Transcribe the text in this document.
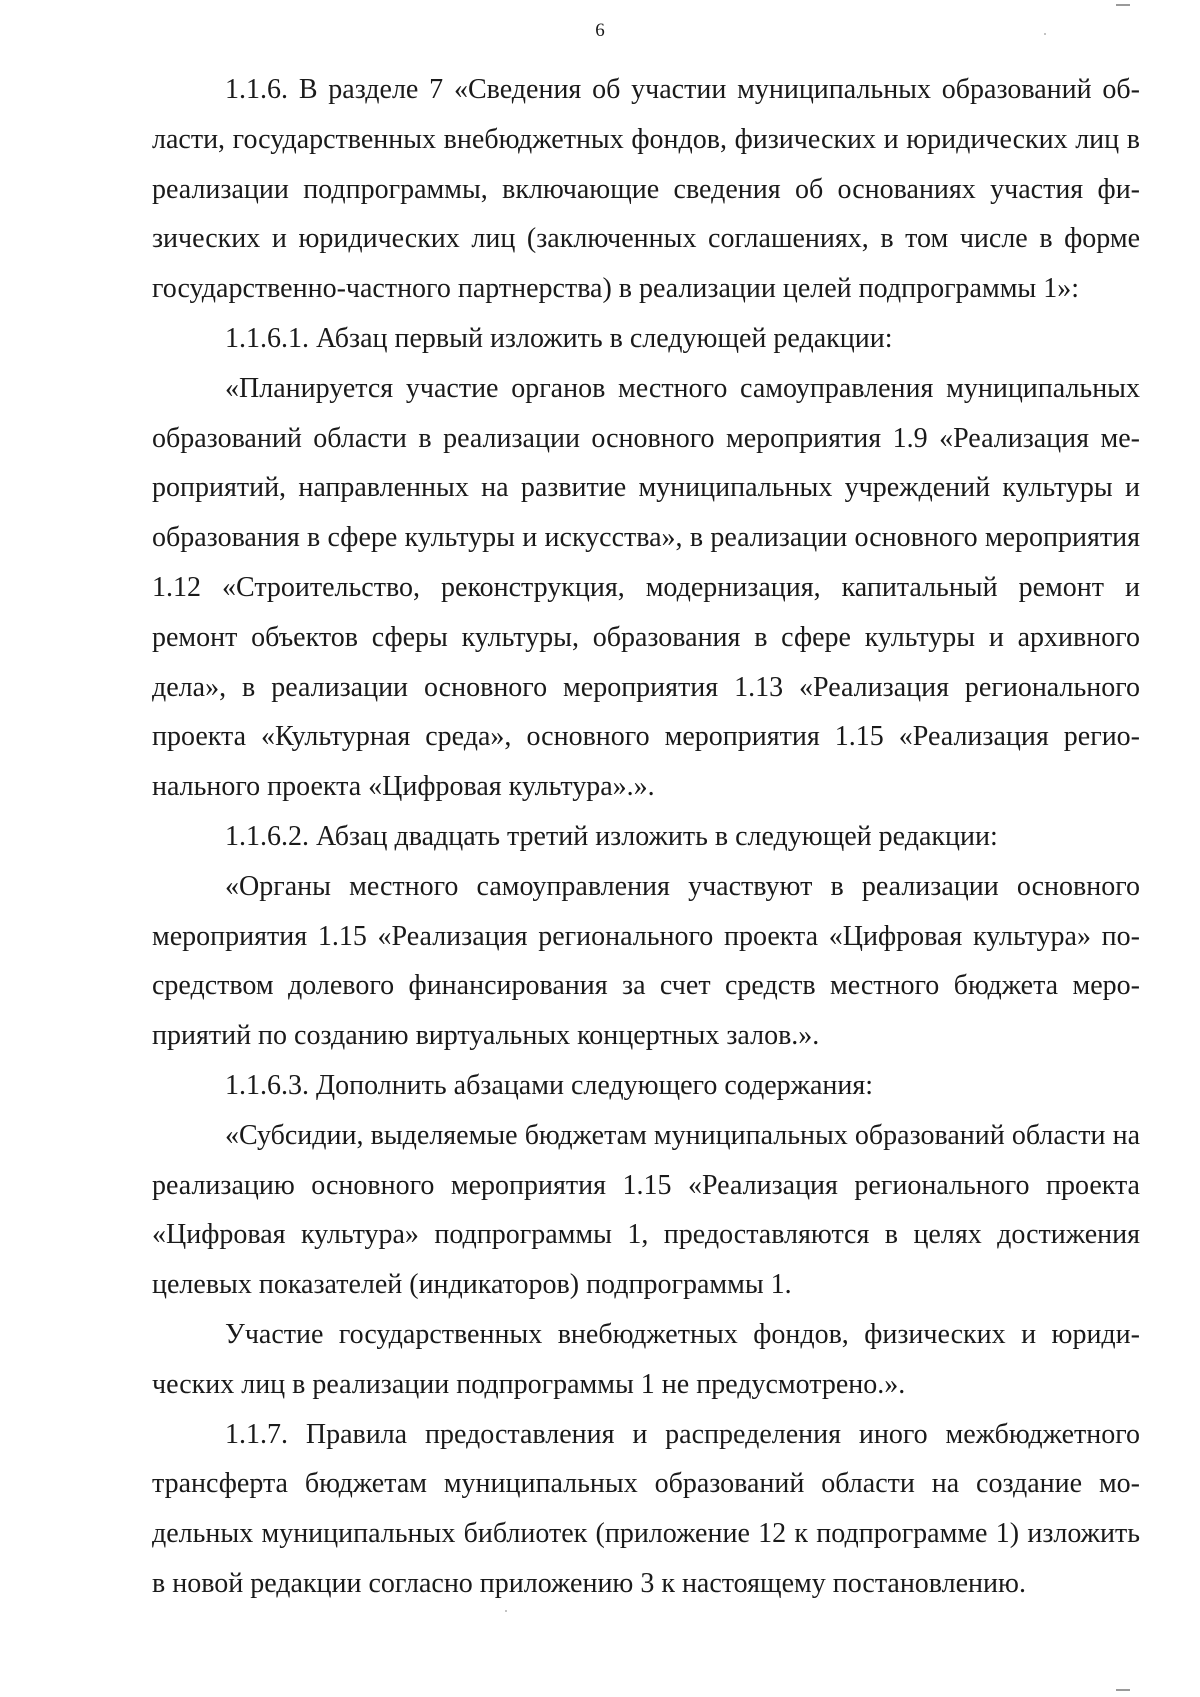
6

1.1.6. В разделе 7 «Сведения об участии муниципальных образований области, государственных внебюджетных фондов, физических и юридических лиц в реализации подпрограммы, включающие сведения об основаниях участия физических и юридических лиц (заключенных соглашениях, в том числе в форме государственно-частного партнерства) в реализации целей подпрограммы 1»:

1.1.6.1. Абзац первый изложить в следующей редакции:

«Планируется участие органов местного самоуправления муниципальных образований области в реализации основного мероприятия 1.9 «Реализация мероприятий, направленных на развитие муниципальных учреждений культуры и образования в сфере культуры и искусства», в реализации основного мероприятия 1.12 «Строительство, реконструкция, модернизация, капитальный ремонт и ремонт объектов сферы культуры, образования в сфере культуры и архивного дела», в реализации основного мероприятия 1.13 «Реализация регионального проекта «Культурная среда», основного мероприятия 1.15 «Реализация регионального проекта «Цифровая культура».».

1.1.6.2. Абзац двадцать третий изложить в следующей редакции:

«Органы местного самоуправления участвуют в реализации основного мероприятия 1.15 «Реализация регионального проекта «Цифровая культура» посредством долевого финансирования за счет средств местного бюджета мероприятий по созданию виртуальных концертных залов.».

1.1.6.3. Дополнить абзацами следующего содержания:

«Субсидии, выделяемые бюджетам муниципальных образований области на реализацию основного мероприятия 1.15 «Реализация регионального проекта «Цифровая культура» подпрограммы 1, предоставляются в целях достижения целевых показателей (индикаторов) подпрограммы 1.

Участие государственных внебюджетных фондов, физических и юридических лиц в реализации подпрограммы 1 не предусмотрено.».

1.1.7. Правила предоставления и распределения иного межбюджетного трансферта бюджетам муниципальных образований области на создание модельных муниципальных библиотек (приложение 12 к подпрограмме 1) изложить в новой редакции согласно приложению 3 к настоящему постановлению.
